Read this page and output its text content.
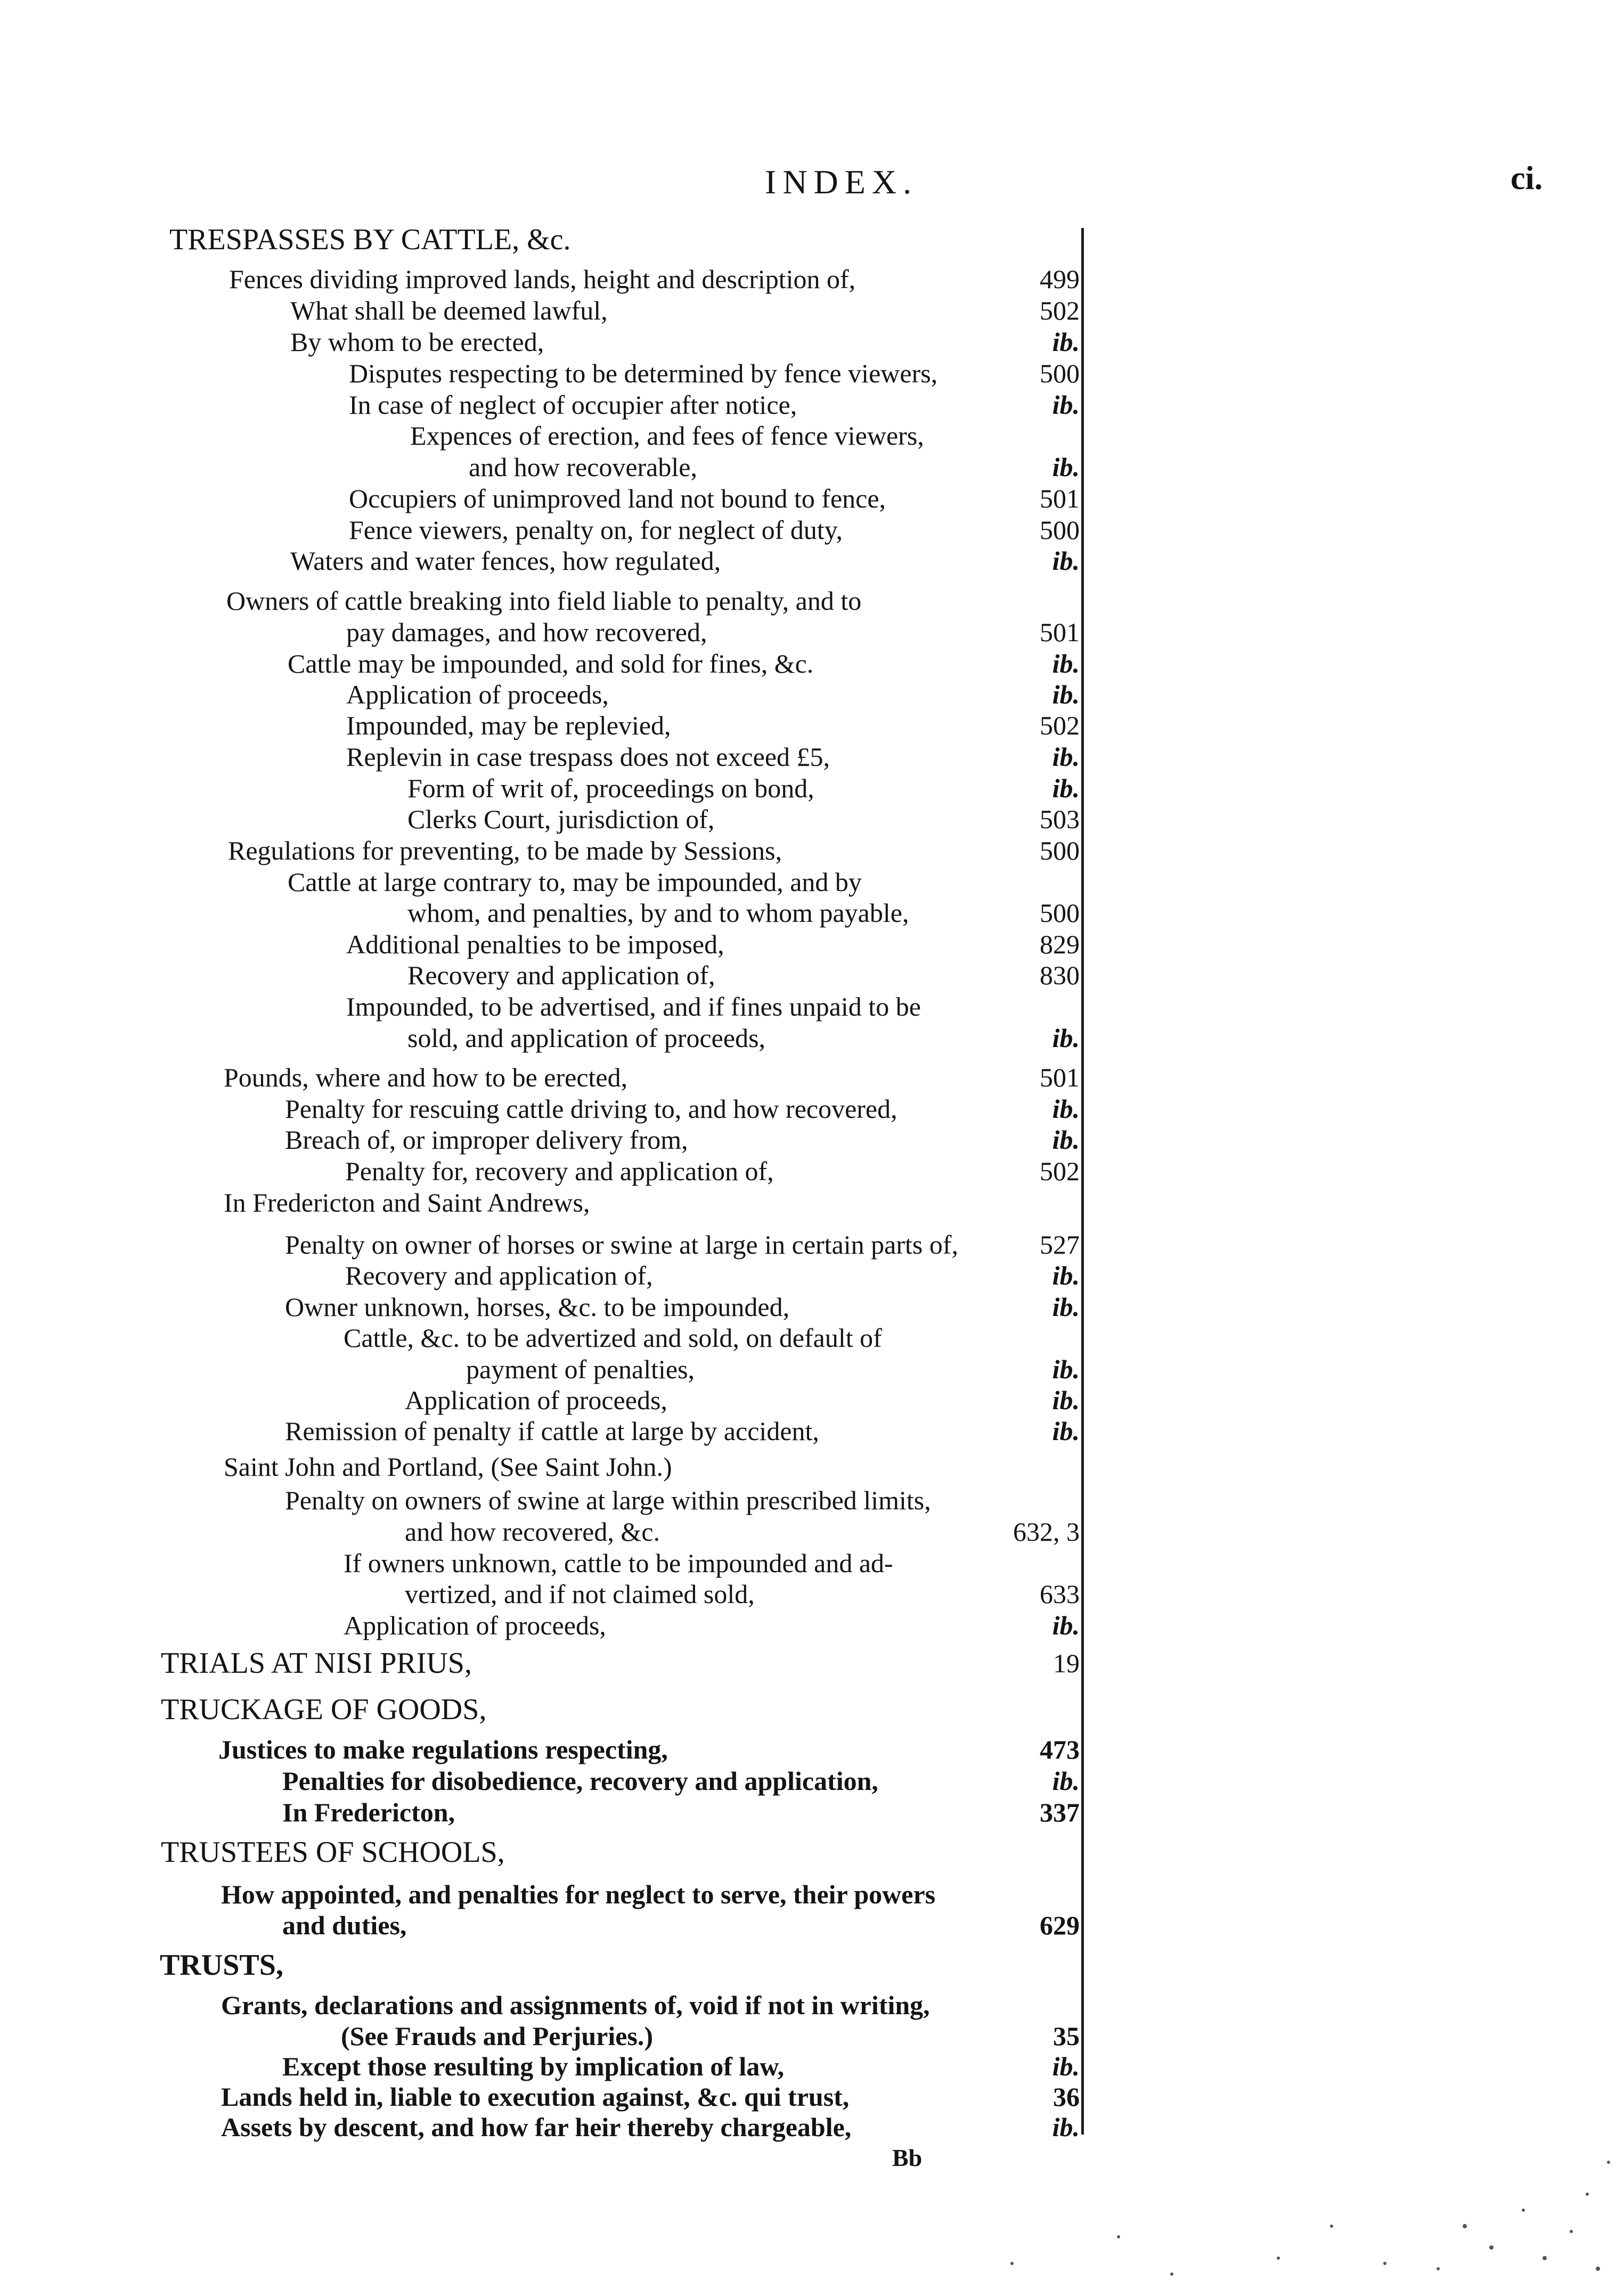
INDEX.	ci.
TRESPASSES BY CATTLE, &c.
Fences dividing improved lands, height and description of,	499
What shall be deemed lawful,	502
By whom to be erected,	ib.
Disputes respecting to be determined by fence viewers,	500
In case of neglect of occupier after notice,	ib.
Expences of erection, and fees of fence viewers,
and how recoverable,	ib.
Occupiers of unimproved land not bound to fence,	501
Fence viewers, penalty on, for neglect of duty,	500
Waters and water fences, how regulated,	ib.
Owners of cattle breaking into field liable to penalty, and to
pay damages, and how recovered,	501
Cattle may be impounded, and sold for fines, &c.	ib.
Application of proceeds,	ib.
Impounded, may be replevied,	502
Replevin in case trespass does not exceed £5,	ib.
Form of writ of, proceedings on bond,	ib.
Clerks Court, jurisdiction of,	503
Regulations for preventing, to be made by Sessions,	500
Cattle at large contrary to, may be impounded, and by
whom, and penalties, by and to whom payable,	500
Additional penalties to be imposed,	829
Recovery and application of,	830
Impounded, to be advertised, and if fines unpaid to be
sold, and application of proceeds,	ib.
Pounds, where and how to be erected,	501
Penalty for rescuing cattle driving to, and how recovered,	ib.
Breach of, or improper delivery from,	ib.
Penalty for, recovery and application of,	502
In Fredericton and Saint Andrews,
Penalty on owner of horses or swine at large in certain parts of,	527
Recovery and application of,	ib.
Owner unknown, horses, &c. to be impounded,	ib.
Cattle, &c. to be advertized and sold, on default of
payment of penalties,	ib.
Application of proceeds,	ib.
Remission of penalty if cattle at large by accident,	ib.
Saint John and Portland, (See Saint John.)
Penalty on owners of swine at large within prescribed limits,
and how recovered, &c.	632, 3
If owners unknown, cattle to be impounded and ad-
vertized, and if not claimed sold,	633
Application of proceeds,	ib.
TRIALS AT NISI PRIUS,	19
TRUCKAGE OF GOODS,
Justices to make regulations respecting,	473
Penalties for disobedience, recovery and application,	ib.
In Fredericton,	337
TRUSTEES OF SCHOOLS,
How appointed, and penalties for neglect to serve, their powers
and duties,	629
TRUSTS,
Grants, declarations and assignments of, void if not in writing,
(See Frauds and Perjuries.)	35
Except those resulting by implication of law,	ib.
Lands held in, liable to execution against, &c. qui trust,	36
Assets by descent, and how far heir thereby chargeable,	ib.
Bb
